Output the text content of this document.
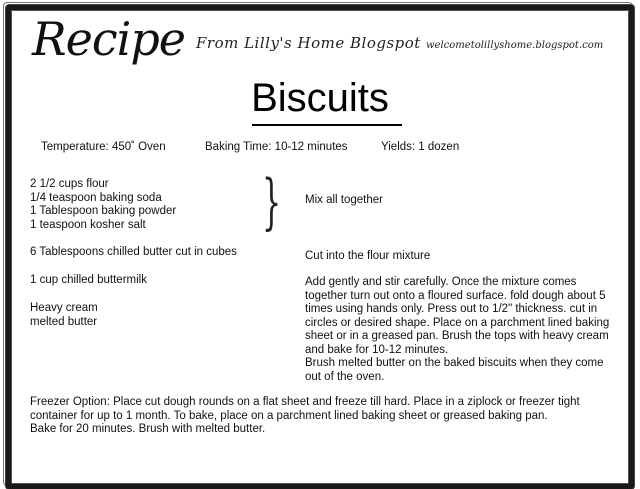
Recipe From Lilly's Home Blogspot welcometolillyshome.blogspot.com
Biscuits
Temperature: 450˚ Oven	Baking Time: 10-12 minutes	Yields: 1 dozen
2 1/2 cups flour
1/4 teaspoon baking soda
1 Tablespoon baking powder
1 teaspoon kosher salt	} Mix all together
6 Tablespoons chilled butter cut in cubes	Cut into the flour mixture
1 cup chilled buttermilk
Heavy cream
melted butter
Add gently and stir carefully. Once the mixture comes
together turn out onto a floured surface. fold dough about 5
times using hands only. Press out to 1/2" thickness. cut in
circles or desired shape. Place on a parchment lined baking
sheet or in a greased pan. Brush the tops with heavy cream
and bake for 10-12 minutes.
Brush melted butter on the baked biscuits when they come
out of the oven.
Freezer Option: Place cut dough rounds on a flat sheet and freeze till hard. Place in a ziplock or freezer tight
container for up to 1 month. To bake, place on a parchment lined baking sheet or greased baking pan.
Bake for 20 minutes. Brush with melted butter.
